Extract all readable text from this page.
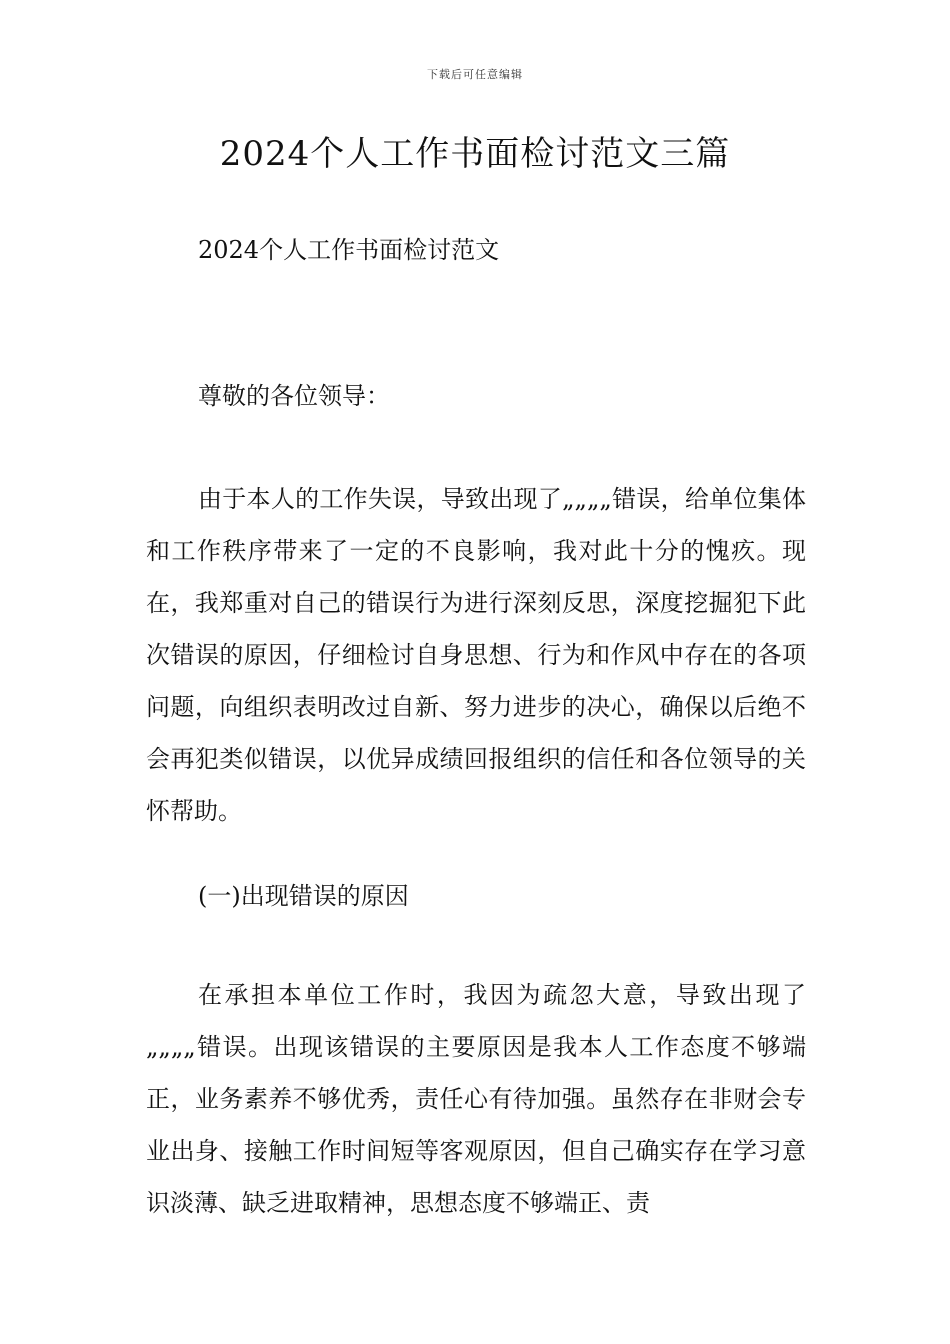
下载后可任意编辑
2024个人工作书面检讨范文三篇

2024个人工作书面检讨范文

尊敬的各位领导：

由于本人的工作失误，导致出现了„„„„错误，给单位集体和工作秩序带来了一定的不良影响，我对此十分的愧疚。现在，我郑重对自己的错误行为进行深刻反思，深度挖掘犯下此次错误的原因，仔细检讨自身思想、行为和作风中存在的各项问题，向组织表明改过自新、努力进步的决心，确保以后绝不会再犯类似错误，以优异成绩回报组织的信任和各位领导的关怀帮助。

(一)出现错误的原因

在承担本单位工作时，我因为疏忽大意，导致出现了„„„„错误。出现该错误的主要原因是我本人工作态度不够端正，业务素养不够优秀，责任心有待加强。虽然存在非财会专业出身、接触工作时间短等客观原因，但自己确实存在学习意识淡薄、缺乏进取精神，思想态度不够端正、责
